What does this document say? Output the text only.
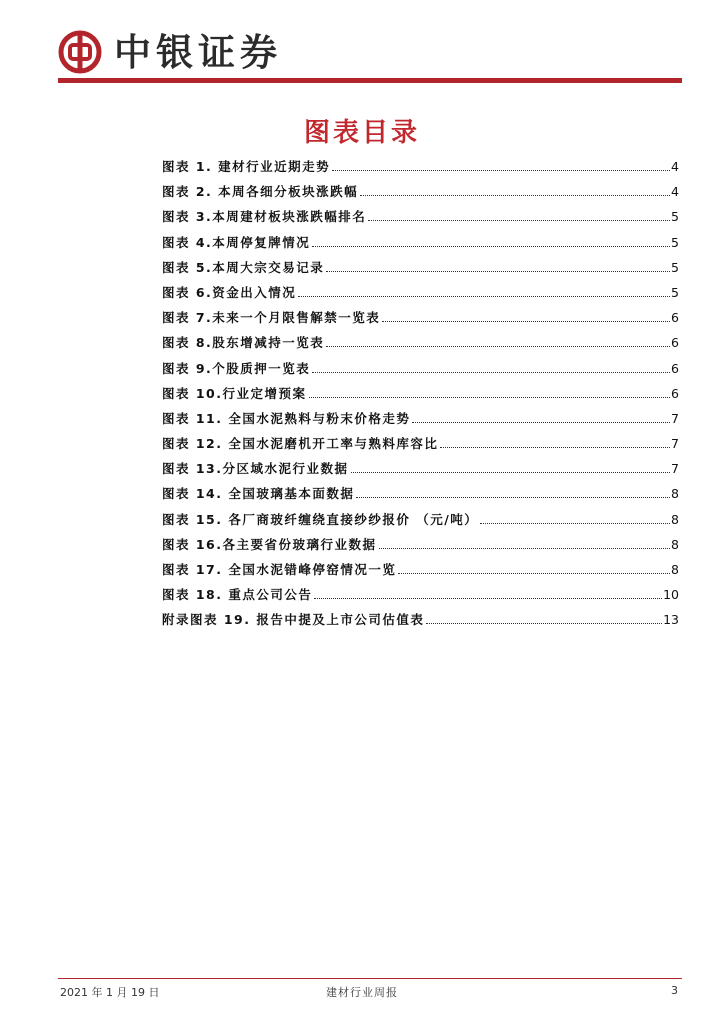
中银证券
图表目录
图表 1. 建材行业近期走势	4
图表 2. 本周各细分板块涨跌幅	4
图表 3.本周建材板块涨跌幅排名	5
图表 4.本周停复牌情况	5
图表 5.本周大宗交易记录	5
图表 6.资金出入情况	5
图表 7.未来一个月限售解禁一览表	6
图表 8.股东增减持一览表	6
图表 9.个股质押一览表	6
图表 10.行业定增预案	6
图表 11. 全国水泥熟料与粉末价格走势	7
图表 12. 全国水泥磨机开工率与熟料库容比	7
图表 13.分区域水泥行业数据	7
图表 14. 全国玻璃基本面数据	8
图表 15. 各厂商玻纤缠绕直接纱纱报价 （元/吨）	8
图表 16.各主要省份玻璃行业数据	8
图表 17. 全国水泥错峰停窑情况一览	8
图表 18. 重点公司公告	10
附录图表 19. 报告中提及上市公司估值表	13
2021 年 1 月 19 日	建材行业周报	3
